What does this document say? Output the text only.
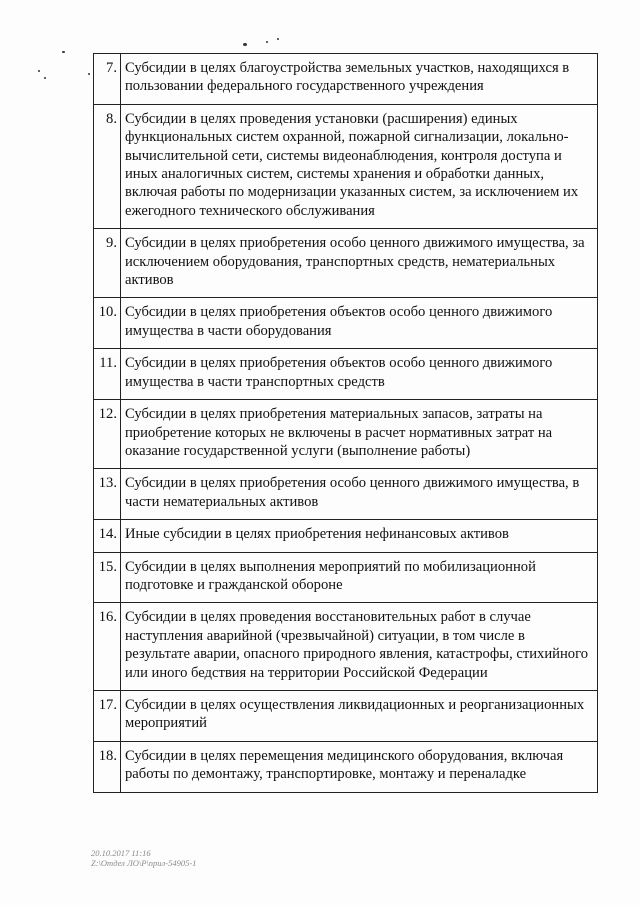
7.	Субсидии в целях благоустройства земельных участков, находящихся в пользовании федерального государственного учреждения
8.	Субсидии в целях проведения установки (расширения) единых функциональных систем охранной, пожарной сигнализации, локально-вычислительной сети, системы видеонаблюдения, контроля доступа и иных аналогичных систем, системы хранения и обработки данных, включая работы по модернизации указанных систем, за исключением их ежегодного технического обслуживания
9.	Субсидии в целях приобретения особо ценного движимого имущества, за исключением оборудования, транспортных средств, нематериальных активов
10.	Субсидии в целях приобретения объектов особо ценного движимого имущества в части оборудования
11.	Субсидии в целях приобретения объектов особо ценного движимого имущества в части транспортных средств
12.	Субсидии в целях приобретения материальных запасов, затраты на приобретение которых не включены в расчет нормативных затрат на оказание государственной услуги (выполнение работы)
13.	Субсидии в целях приобретения особо ценного движимого имущества, в части нематериальных активов
14.	Иные субсидии в целях приобретения нефинансовых активов
15.	Субсидии в целях выполнения мероприятий по мобилизационной подготовке и гражданской обороне
16.	Субсидии в целях проведения восстановительных работ в случае наступления аварийной (чрезвычайной) ситуации, в том числе в результате аварии, опасного природного явления, катастрофы, стихийного или иного бедствия на территории Российской Федерации
17.	Субсидии в целях осуществления ликвидационных и реорганизационных мероприятий
18.	Субсидии в целях перемещения медицинского оборудования, включая работы по демонтажу, транспортировке, монтажу и переналадке
20.10.2017 11:16
Z:\Отдел ЛО\Р\прил-54905-1
